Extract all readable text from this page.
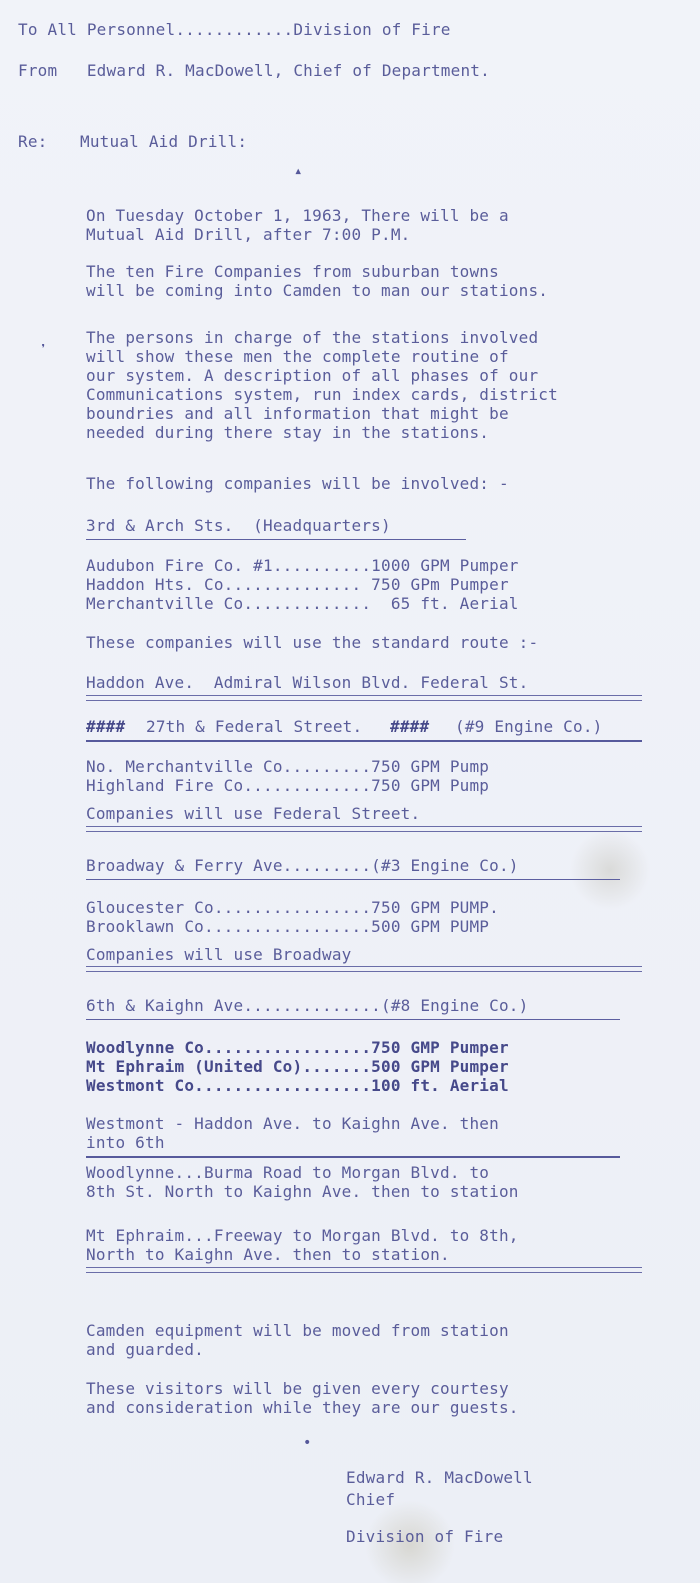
To All Personnel............Division of Fire
From   Edward R. MacDowell, Chief of Department.
Re: Mutual Aid Drill:
On Tuesday October 1, 1963, There will be a
Mutual Aid Drill, after 7:00 P.M.
The ten Fire Companies from suburban towns
will be coming into Camden to man our stations.
The persons in charge of the stations involved
will show these men the complete routine of
our system. A description of all phases of our
Communications system, run index cards, district
boundries and all information that might be
needed during there stay in the stations.
The following companies will be involved: -
3rd & Arch Sts.  (Headquarters)
Audubon Fire Co. #1..........1000 GPM Pumper
Haddon Hts. Co.............. 750 GPm Pumper
Merchantville Co.............  65 ft. Aerial
These companies will use the standard route :-
Haddon Ave.  Admiral Wilson Blvd. Federal St.
#### 27th & Federal Street. #### (#9 Engine Co.)
No. Merchantville Co.........750 GPM Pump
Highland Fire Co.............750 GPM Pump
Companies will use Federal Street.
Broadway & Ferry Ave.........(#3 Engine Co.)
Gloucester Co................750 GPM PUMP.
Brooklawn Co.................500 GPM PUMP
Companies will use Broadway
6th & Kaighn Ave..............(#8 Engine Co.)
Woodlynne Co.................750 GMP Pumper
Mt Ephraim (United Co).......500 GPM Pumper
Westmont Co..................100 ft. Aerial
Westmont - Haddon Ave. to Kaighn Ave. then
into 6th
Woodlynne...Burma Road to Morgan Blvd. to
8th St. North to Kaighn Ave. then to station
Mt Ephraim...Freeway to Morgan Blvd. to 8th,
North to Kaighn Ave. then to station.
Camden equipment will be moved from station
and guarded.
These visitors will be given every courtesy
and consideration while they are our guests.
Edward R. MacDowell
Chief
Division of Fire
▴
❜
•
